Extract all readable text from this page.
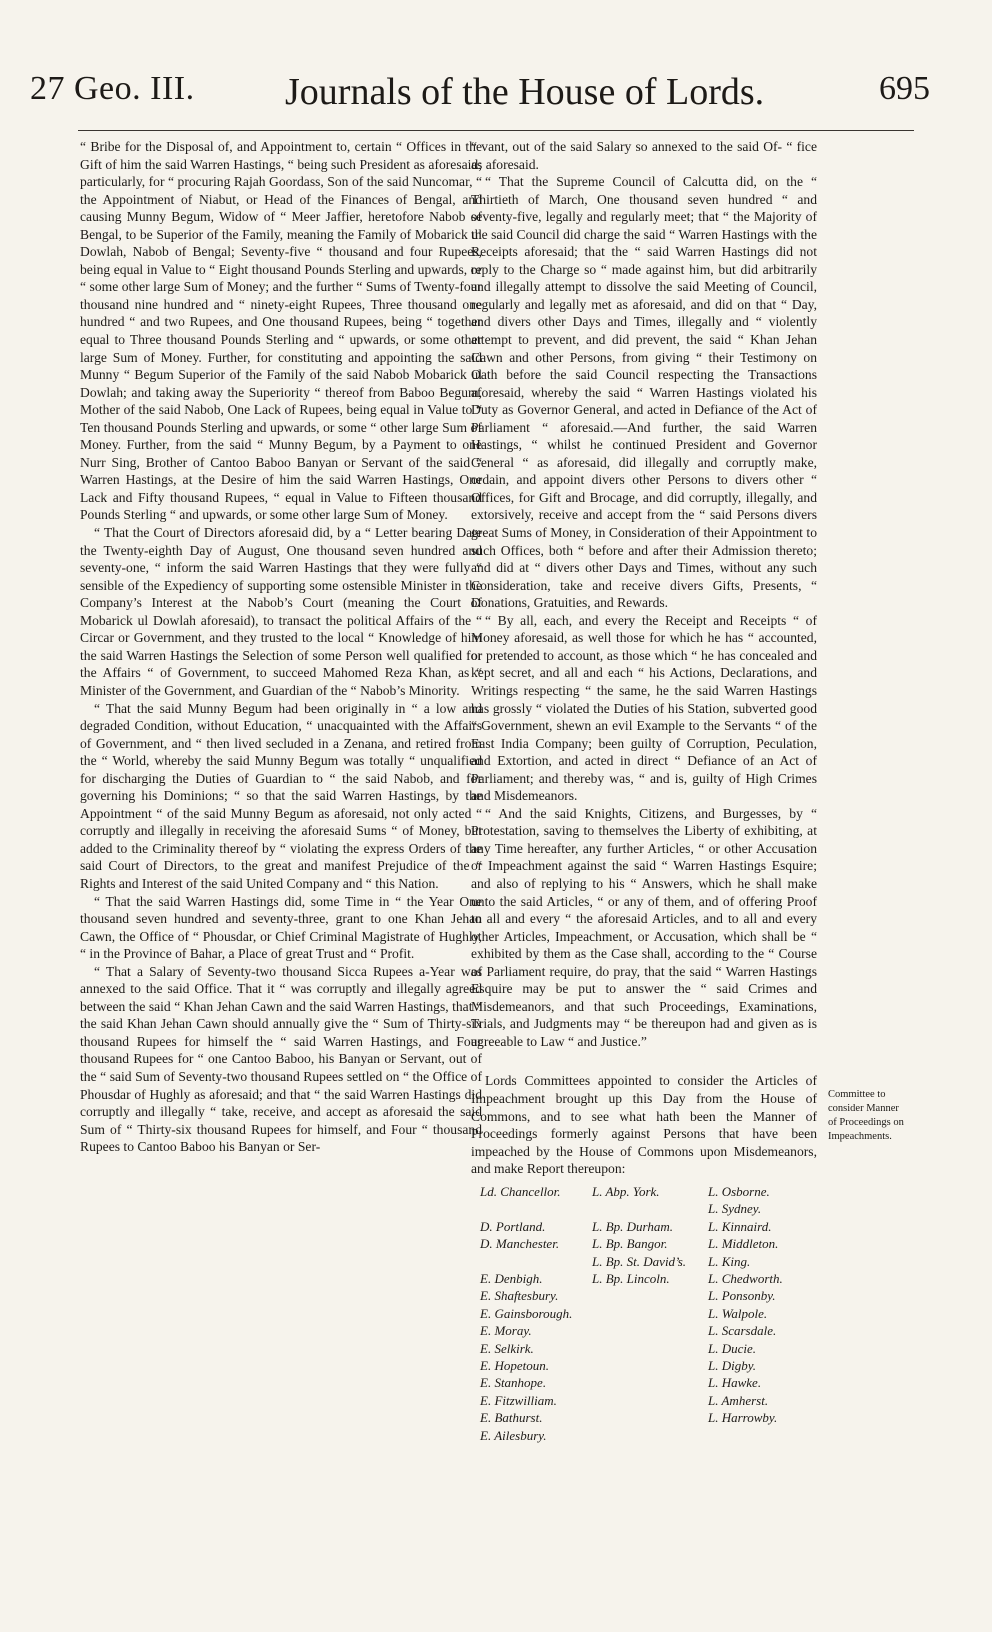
27 Geo. III. Journals of the House of Lords.	695

“ Bribe for the Disposal of, and Appointment to, certain “ Offices in the Gift of him the said Warren Hastings, “ being such President as aforesaid; particularly, for “ procuring Rajah Goordass, Son of the said Nuncomar, “ the Appointment of Niabut, or Head of the Finances of Bengal, and causing Munny Begum, Widow of “ Meer Jaffier, heretofore Nabob of Bengal, to be Superior of the Family, meaning the Family of Mobarick ul Dowlah, Nabob of Bengal; Seventy-five “ thousand and four Rupees, being equal in Value to “ Eight thousand Pounds Sterling and upwards, or “ some other large Sum of Money; and the further “ Sums of Twenty-four thousand nine hundred and “ ninety-eight Rupees, Three thousand one hundred “ and two Rupees, and One thousand Rupees, being “ together equal to Three thousand Pounds Sterling and “ upwards, or some other large Sum of Money. Further, for constituting and appointing the said Munny “ Begum Superior of the Family of the said Nabob Mobarick ul Dowlah; and taking away the Superiority “ thereof from Baboo Begum, Mother of the said Nabob, One Lack of Rupees, being equal in Value to “ Ten thousand Pounds Sterling and upwards, or some “ other large Sum of Money. Further, from the said “ Munny Begum, by a Payment to one Nurr Sing, Brother of Cantoo Baboo Banyan or Servant of the said “ Warren Hastings, at the Desire of him the said Warren Hastings, One Lack and Fifty thousand Rupees, “ equal in Value to Fifteen thousand Pounds Sterling “ and upwards, or some other large Sum of Money.

“ That the Court of Directors aforesaid did, by a “ Letter bearing Date the Twenty-eighth Day of August, One thousand seven hundred and seventy-one, “ inform the said Warren Hastings that they were fully “ sensible of the Expediency of supporting some ostensible Minister in the Company’s Interest at the Nabob’s Court (meaning the Court of Mobarick ul Dowlah aforesaid), to transact the political Affairs of the “ Circar or Government, and they trusted to the local “ Knowledge of him the said Warren Hastings the Selection of some Person well qualified for the Affairs “ of Government, to succeed Mahomed Reza Khan, as “ Minister of the Government, and Guardian of the “ Nabob’s Minority.

“ That the said Munny Begum had been originally in “ a low and degraded Condition, without Education, “ unacquainted with the Affairs of Government, and “ then lived secluded in a Zenana, and retired from the “ World, whereby the said Munny Begum was totally “ unqualified for discharging the Duties of Guardian to “ the said Nabob, and for governing his Dominions; “ so that the said Warren Hastings, by the Appointment “ of the said Munny Begum as aforesaid, not only acted “ corruptly and illegally in receiving the aforesaid Sums “ of Money, but added to the Criminality thereof by “ violating the express Orders of the said Court of Directors, to the great and manifest Prejudice of the “ Rights and Interest of the said United Company and “ this Nation.

“ That the said Warren Hastings did, some Time in “ the Year One thousand seven hundred and seventy-three, grant to one Khan Jehan Cawn, the Office of “ Phousdar, or Chief Criminal Magistrate of Hughly, “ in the Province of Bahar, a Place of great Trust and “ Profit.

“ That a Salary of Seventy-two thousand Sicca Rupees a-Year was annexed to the said Office. That it “ was corruptly and illegally agreed between the said “ Khan Jehan Cawn and the said Warren Hastings, that “ the said Khan Jehan Cawn should annually give the “ Sum of Thirty-six thousand Rupees for himself the “ said Warren Hastings, and Four thousand Rupees for “ one Cantoo Baboo, his Banyan or Servant, out of the “ said Sum of Seventy-two thousand Rupees settled on “ the Office of Phousdar of Hughly as aforesaid; and that “ the said Warren Hastings did corruptly and illegally “ take, receive, and accept as aforesaid the said Sum of “ Thirty-six thousand Rupees for himself, and Four “ thousand Rupees to Cantoo Baboo his Banyan or Ser-

“ vant, out of the said Salary so annexed to the said Of- “ fice as aforesaid.

“ That the Supreme Council of Calcutta did, on the “ Thirtieth of March, One thousand seven hundred “ and seventy-five, legally and regularly meet; that “ the Majority of the said Council did charge the said “ Warren Hastings with the Receipts aforesaid; that the “ said Warren Hastings did not reply to the Charge so “ made against him, but did arbitrarily and illegally attempt to dissolve the said Meeting of Council, regularly and legally met as aforesaid, and did on that “ Day, and divers other Days and Times, illegally and “ violently attempt to prevent, and did prevent, the said “ Khan Jehan Cawn and other Persons, from giving “ their Testimony on Oath before the said Council respecting the Transactions aforesaid, whereby the said “ Warren Hastings violated his Duty as Governor General, and acted in Defiance of the Act of Parliament “ aforesaid.—And further, the said Warren Hastings, “ whilst he continued President and Governor General “ as aforesaid, did illegally and corruptly make, ordain, and appoint divers other Persons to divers other “ Offices, for Gift and Brocage, and did corruptly, illegally, and extorsively, receive and accept from the “ said Persons divers great Sums of Money, in Consideration of their Appointment to such Offices, both “ before and after their Admission thereto; and did at “ divers other Days and Times, without any such Consideration, take and receive divers Gifts, Presents, “ Donations, Gratuities, and Rewards.

“ By all, each, and every the Receipt and Receipts “ of Money aforesaid, as well those for which he has “ accounted, or pretended to account, as those which “ he has concealed and kept secret, and all and each “ his Actions, Declarations, and Writings respecting “ the same, he the said Warren Hastings has grossly “ violated the Duties of his Station, subverted good “ Government, shewn an evil Example to the Servants “ of the East India Company; been guilty of Corruption, Peculation, and Extortion, and acted in direct “ Defiance of an Act of Parliament; and thereby was, “ and is, guilty of High Crimes and Misdemeanors.

“ And the said Knights, Citizens, and Burgesses, by “ Protestation, saving to themselves the Liberty of exhibiting, at any Time hereafter, any further Articles, “ or other Accusation or Impeachment against the said “ Warren Hastings Esquire; and also of replying to his “ Answers, which he shall make unto the said Articles, “ or any of them, and of offering Proof to all and every “ the aforesaid Articles, and to all and every other Articles, Impeachment, or Accusation, which shall be “ exhibited by them as the Case shall, according to the “ Course of Parliament require, do pray, that the said “ Warren Hastings Esquire may be put to answer the “ said Crimes and Misdemeanors, and that such Proceedings, Examinations, Trials, and Judgments may “ be thereupon had and given as is agreeable to Law “ and Justice.”

Lords Committees appointed to consider the Articles of Impeachment brought up this Day from the House of Commons, and to see what hath been the Manner of Proceedings formerly against Persons that have been impeached by the House of Commons upon Misdemeanors, and make Report thereupon:

Committee to consider Manner of Proceedings on Impeachments.
Ld. Chancellor.

D. Portland.
D. Manchester.

E. Denbigh.
E. Shaftesbury.
E. Gainsborough.
E. Moray.
E. Selkirk.
E. Hopetoun.
E. Stanhope.
E. Fitzwilliam.
E. Bathurst.
E. Ailesbury.
L. Abp. York.

L. Bp. Durham.
L. Bp. Bangor.
L. Bp. St. David’s.
L. Bp. Lincoln.
L. Osborne.
L. Sydney.
L. Kinnaird.
L. Middleton.
L. King.
L. Chedworth.
L. Ponsonby.
L. Walpole.
L. Scarsdale.
L. Ducie.
L. Digby.
L. Hawke.
L. Amherst.
L. Harrowby.
